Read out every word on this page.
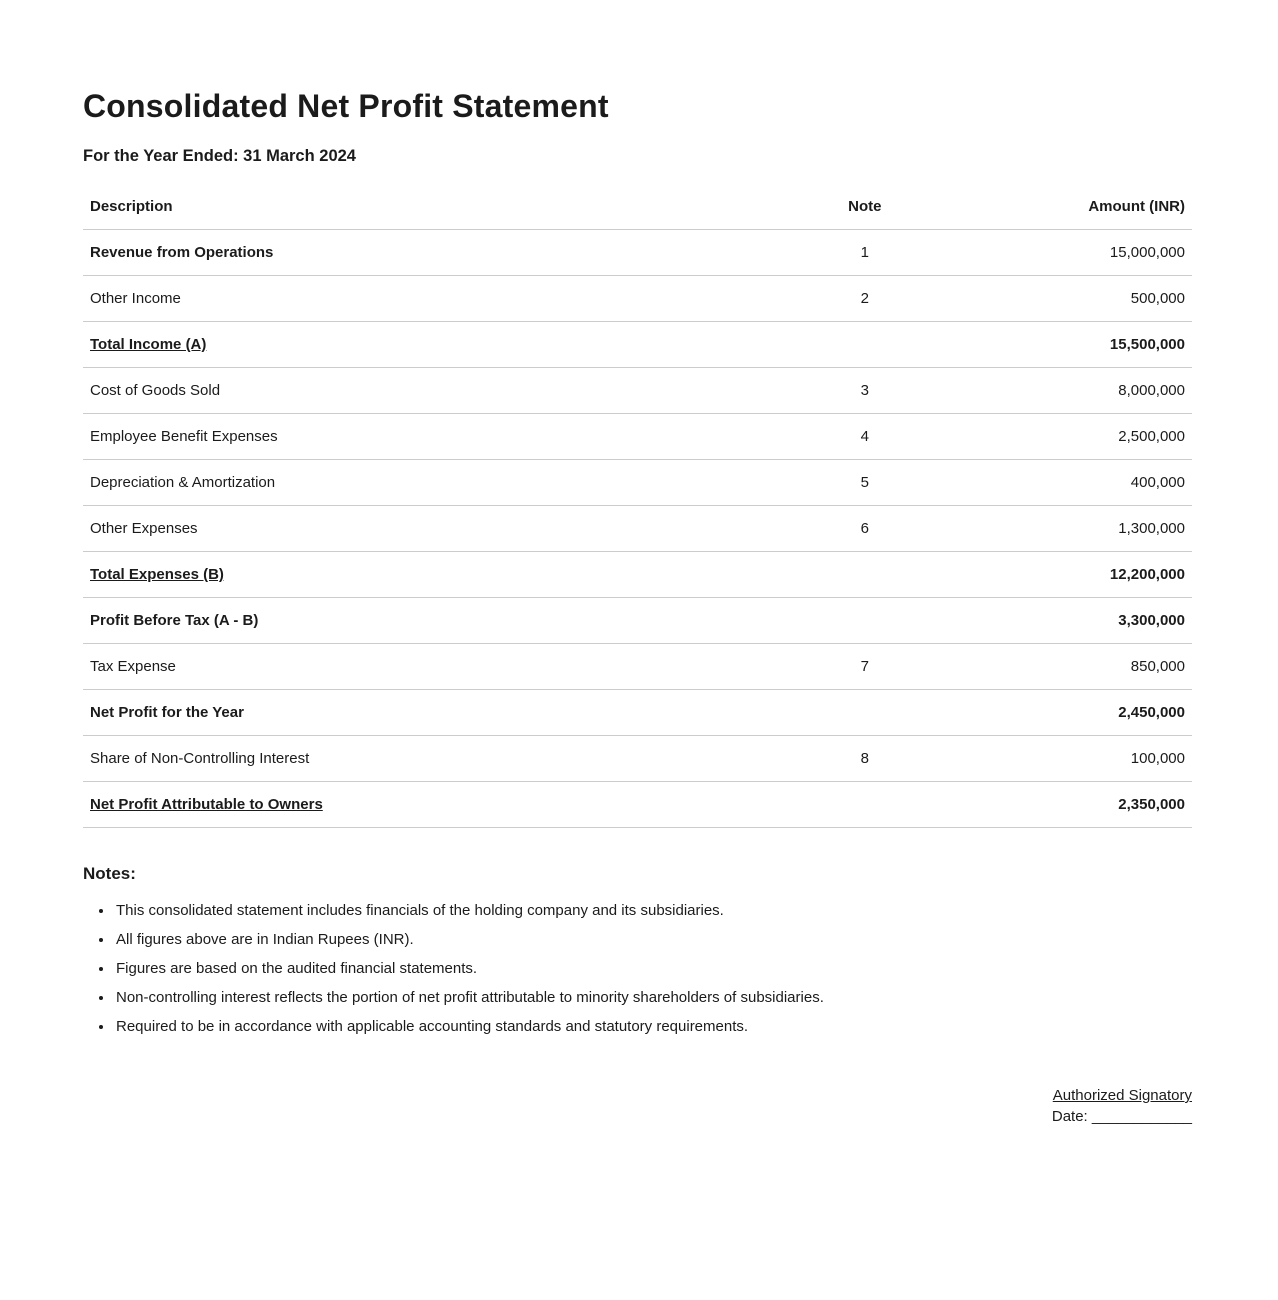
Consolidated Net Profit Statement
For the Year Ended: 31 March 2024
Description	Note	Amount (INR)
Revenue from Operations	1	15,000,000
Other Income	2	500,000
Total Income (A)		15,500,000
Cost of Goods Sold	3	8,000,000
Employee Benefit Expenses	4	2,500,000
Depreciation & Amortization	5	400,000
Other Expenses	6	1,300,000
Total Expenses (B)		12,200,000
Profit Before Tax (A - B)		3,300,000
Tax Expense	7	850,000
Net Profit for the Year		2,450,000
Share of Non-Controlling Interest	8	100,000
Net Profit Attributable to Owners		2,350,000
Notes:
• This consolidated statement includes financials of the holding company and its subsidiaries.
• All figures above are in Indian Rupees (INR).
• Figures are based on the audited financial statements.
• Non-controlling interest reflects the portion of net profit attributable to minority shareholders of subsidiaries.
• Required to be in accordance with applicable accounting standards and statutory requirements.
Authorized Signatory
Date: ____________
